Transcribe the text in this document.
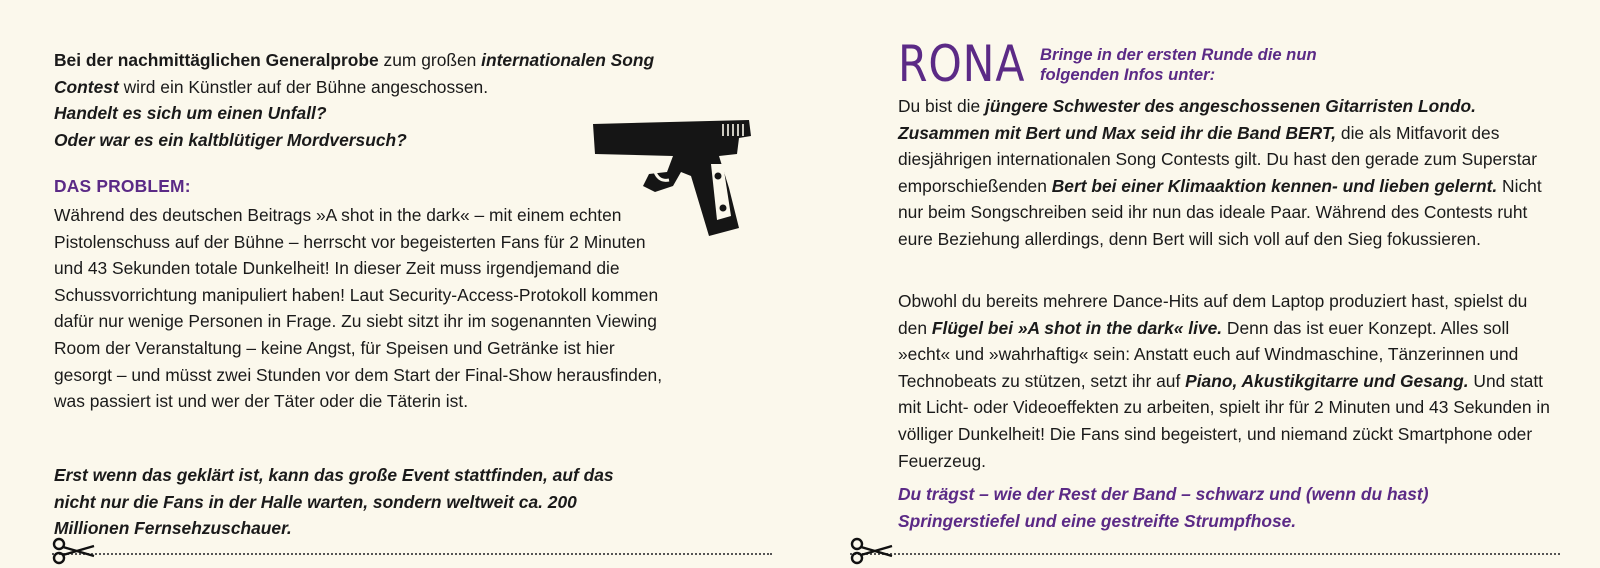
Bei der nachmittäglichen Generalprobe zum großen internationalen Song Contest wird ein Künstler auf der Bühne angeschossen.
Handelt es sich um einen Unfall?
Oder war es ein kaltblütiger Mordversuch?

DAS PROBLEM:

Während des deutschen Beitrags »A shot in the dark« – mit einem echten Pistolenschuss auf der Bühne – herrscht vor begeisterten Fans für 2 Minuten und 43 Sekunden totale Dunkelheit! In dieser Zeit muss irgendjemand die Schussvorrichtung manipuliert haben! Laut Security-Access-Protokoll kommen dafür nur wenige Personen in Frage. Zu siebt sitzt ihr im sogenannten Viewing Room der Veranstaltung – keine Angst, für Speisen und Getränke ist hier gesorgt – und müsst zwei Stunden vor dem Start der Final-Show herausfinden, was passiert ist und wer der Täter oder die Täterin ist.

Erst wenn das geklärt ist, kann das große Event stattfinden, auf das nicht nur die Fans in der Halle warten, sondern weltweit ca. 200 Millionen Fernsehzuschauer.

RONA Bringe in der ersten Runde die nun folgenden Infos unter:

Du bist die jüngere Schwester des angeschossenen Gitarristen Londo. Zusammen mit Bert und Max seid ihr die Band BERT, die als Mitfavorit des diesjährigen internationalen Song Contests gilt. Du hast den gerade zum Superstar emporschießenden Bert bei einer Klimaaktion kennen- und lieben gelernt. Nicht nur beim Songschreiben seid ihr nun das ideale Paar. Während des Contests ruht eure Beziehung allerdings, denn Bert will sich voll auf den Sieg fokussieren.

Obwohl du bereits mehrere Dance-Hits auf dem Laptop produziert hast, spielst du den Flügel bei »A shot in the dark« live. Denn das ist euer Konzept. Alles soll »echt« und »wahrhaftig« sein: Anstatt euch auf Windmaschine, Tänzerinnen und Technobeats zu stützen, setzt ihr auf Piano, Akustikgitarre und Gesang. Und statt mit Licht- oder Videoeffekten zu arbeiten, spielt ihr für 2 Minuten und 43 Sekunden in völliger Dunkelheit! Die Fans sind begeistert, und niemand zückt Smartphone oder Feuerzeug.

Du trägst – wie der Rest der Band – schwarz und (wenn du hast) Springerstiefel und eine gestreifte Strumpfhose.
